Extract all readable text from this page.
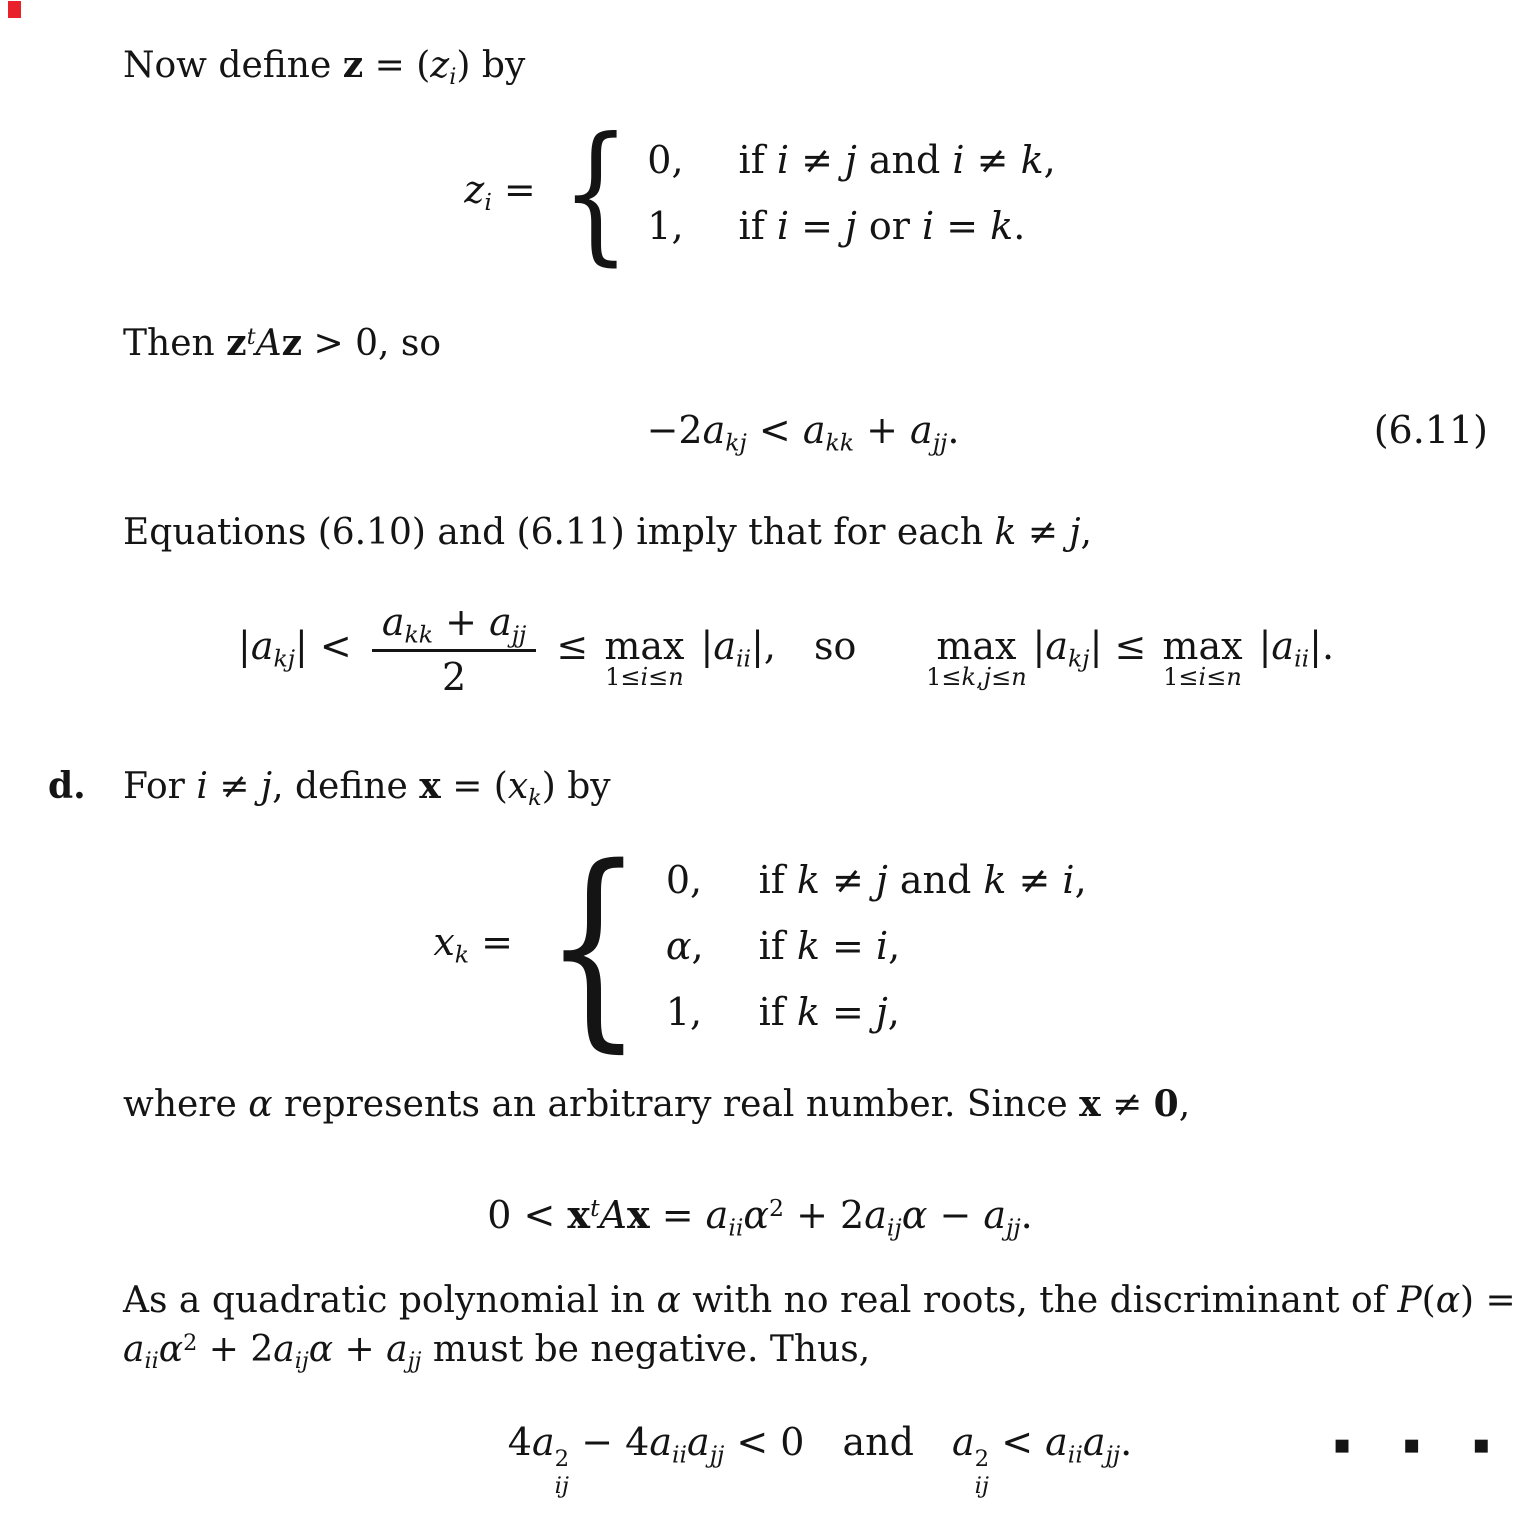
Now define $z = (z_i)$ by
$z_i$ = { 0, if i ≠ j and i ≠ k,
1, if i = j or i = k.
Then $z^tAz > 0$, so
$-2a_{kj} < a_{kk} + a_{jj}$.	(6.11)
Equations (6.10) and (6.11) imply that for each k ≠ j,
$|a_{kj}| < \frac{a_{kk} + a_{jj}}{2} \le \max$
1≤i≤n
$|a_{ii}|$, so  max
1≤k,j≤n
$|a_{kj}| \le \max$
1≤i≤n
$|a_{ii}|$.
d. For i ≠ j, define $x = (x_k)$ by
$x_k$ = { 0, if k ≠ j and k ≠ i,
α, if k = i,
1, if k = j,
where α represents an arbitrary real number. Since x ≠ 0,
$0 < x^tAx = a_{ii}\alpha^2 + 2a_{ij}\alpha - a_{jj}$.
As a quadratic polynomial in α with no real roots, the discriminant of P(α) =
$a_{ii}\alpha^2 + 2a_{ij}\alpha + a_{jj}$ must be negative. Thus,
4a 2
ij
− $4a_{ii}a_{jj} < 0$ and a 2
ij
< $a_{ii}a_{jj}$.	▪ ▪ ▪
